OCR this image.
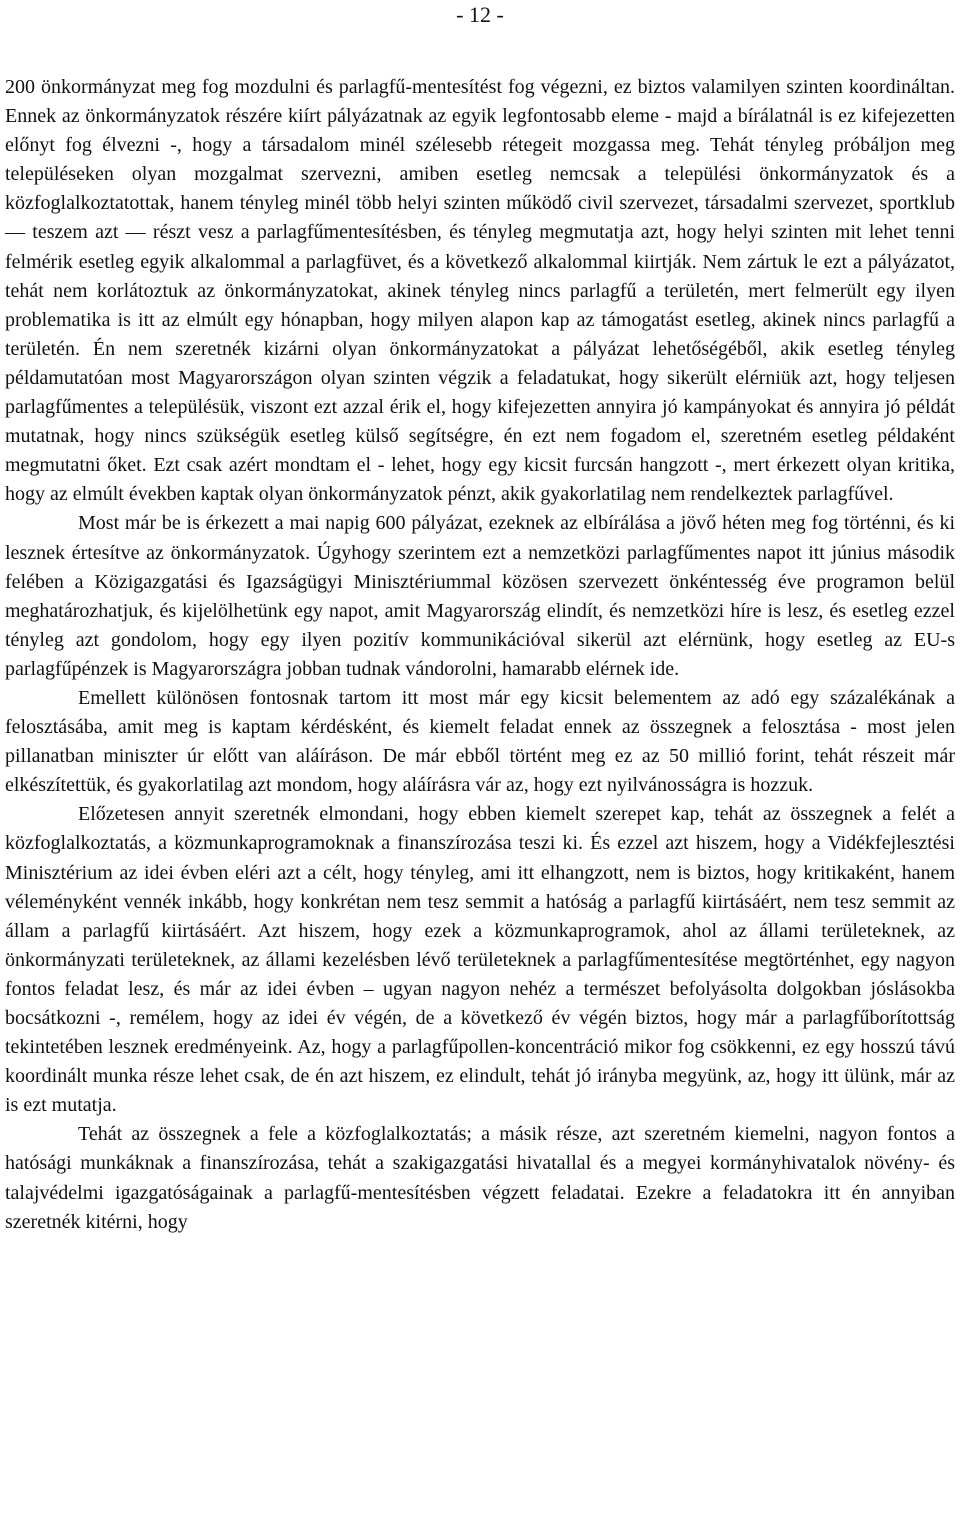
- 12 -

200 önkormányzat meg fog mozdulni és parlagfű-mentesítést fog végezni, ez biztos valamilyen szinten koordináltan. Ennek az önkormányzatok részére kiírt pályázatnak az egyik legfontosabb eleme - majd a bírálatnál is ez kifejezetten előnyt fog élvezni -, hogy a társadalom minél szélesebb rétegeit mozgassa meg. Tehát tényleg próbáljon meg településeken olyan mozgalmat szervezni, amiben esetleg nemcsak a települési önkormányzatok és a közfoglalkoztatottak, hanem tényleg minél több helyi szinten működő civil szervezet, társadalmi szervezet, sportklub — teszem azt — részt vesz a parlagfűmentesítésben, és tényleg megmutatja azt, hogy helyi szinten mit lehet tenni felmérik esetleg egyik alkalommal a parlagfüvet, és a következő alkalommal kiirtják. Nem zártuk le ezt a pályázatot, tehát nem korlátoztuk az önkormányzatokat, akinek tényleg nincs parlagfű a területén, mert felmerült egy ilyen problematika is itt az elmúlt egy hónapban, hogy milyen alapon kap az támogatást esetleg, akinek nincs parlagfű a területén. Én nem szeretnék kizárni olyan önkormányzatokat a pályázat lehetőségéből, akik esetleg tényleg példamutatóan most Magyarországon olyan szinten végzik a feladatukat, hogy sikerült elérniük azt, hogy teljesen parlagfűmentes a településük, viszont ezt azzal érik el, hogy kifejezetten annyira jó kampányokat és annyira jó példát mutatnak, hogy nincs szükségük esetleg külső segítségre, én ezt nem fogadom el, szeretném esetleg példaként megmutatni őket. Ezt csak azért mondtam el - lehet, hogy egy kicsit furcsán hangzott -, mert érkezett olyan kritika, hogy az elmúlt években kaptak olyan önkormányzatok pénzt, akik gyakorlatilag nem rendelkeztek parlagfűvel.

Most már be is érkezett a mai napig 600 pályázat, ezeknek az elbírálása a jövő héten meg fog történni, és ki lesznek értesítve az önkormányzatok. Úgyhogy szerintem ezt a nemzetközi parlagfűmentes napot itt június második felében a Közigazgatási és Igazságügyi Minisztériummal közösen szervezett önkéntesség éve programon belül meghatározhatjuk, és kijelölhetünk egy napot, amit Magyarország elindít, és nemzetközi híre is lesz, és esetleg ezzel tényleg azt gondolom, hogy egy ilyen pozitív kommunikációval sikerül azt elérnünk, hogy esetleg az EU-s parlagfűpénzek is Magyarországra jobban tudnak vándorolni, hamarabb elérnek ide.

Emellett különösen fontosnak tartom itt most már egy kicsit belementem az adó egy százalékának a felosztásába, amit meg is kaptam kérdésként, és kiemelt feladat ennek az összegnek a felosztása - most jelen pillanatban miniszter úr előtt van aláíráson. De már ebből történt meg ez az 50 millió forint, tehát részeit már elkészítettük, és gyakorlatilag azt mondom, hogy aláírásra vár az, hogy ezt nyilvánosságra is hozzuk.

Előzetesen annyit szeretnék elmondani, hogy ebben kiemelt szerepet kap, tehát az összegnek a felét a közfoglalkoztatás, a közmunkaprogramoknak a finanszírozása teszi ki. És ezzel azt hiszem, hogy a Vidékfejlesztési Minisztérium az idei évben eléri azt a célt, hogy tényleg, ami itt elhangzott, nem is biztos, hogy kritikaként, hanem véleményként vennék inkább, hogy konkrétan nem tesz semmit a hatóság a parlagfű kiirtásáért, nem tesz semmit az állam a parlagfű kiirtásáért. Azt hiszem, hogy ezek a közmunkaprogramok, ahol az állami területeknek, az önkormányzati területeknek, az állami kezelésben lévő területeknek a parlagfűmentesítése megtörténhet, egy nagyon fontos feladat lesz, és már az idei évben – ugyan nagyon nehéz a természet befolyásolta dolgokban jóslásokba bocsátkozni -, remélem, hogy az idei év végén, de a következő év végén biztos, hogy már a parlagfűborítottság tekintetében lesznek eredményeink. Az, hogy a parlagfűpollen-koncentráció mikor fog csökkenni, ez egy hosszú távú koordinált munka része lehet csak, de én azt hiszem, ez elindult, tehát jó irányba megyünk, az, hogy itt ülünk, már az is ezt mutatja.

Tehát az összegnek a fele a közfoglalkoztatás; a másik része, azt szeretném kiemelni, nagyon fontos a hatósági munkáknak a finanszírozása, tehát a szakigazgatási hivatallal és a megyei kormányhivatalok növény- és talajvédelmi igazgatóságainak a parlagfű-mentesítésben végzett feladatai. Ezekre a feladatokra itt én annyiban szeretnék kitérni, hogy
